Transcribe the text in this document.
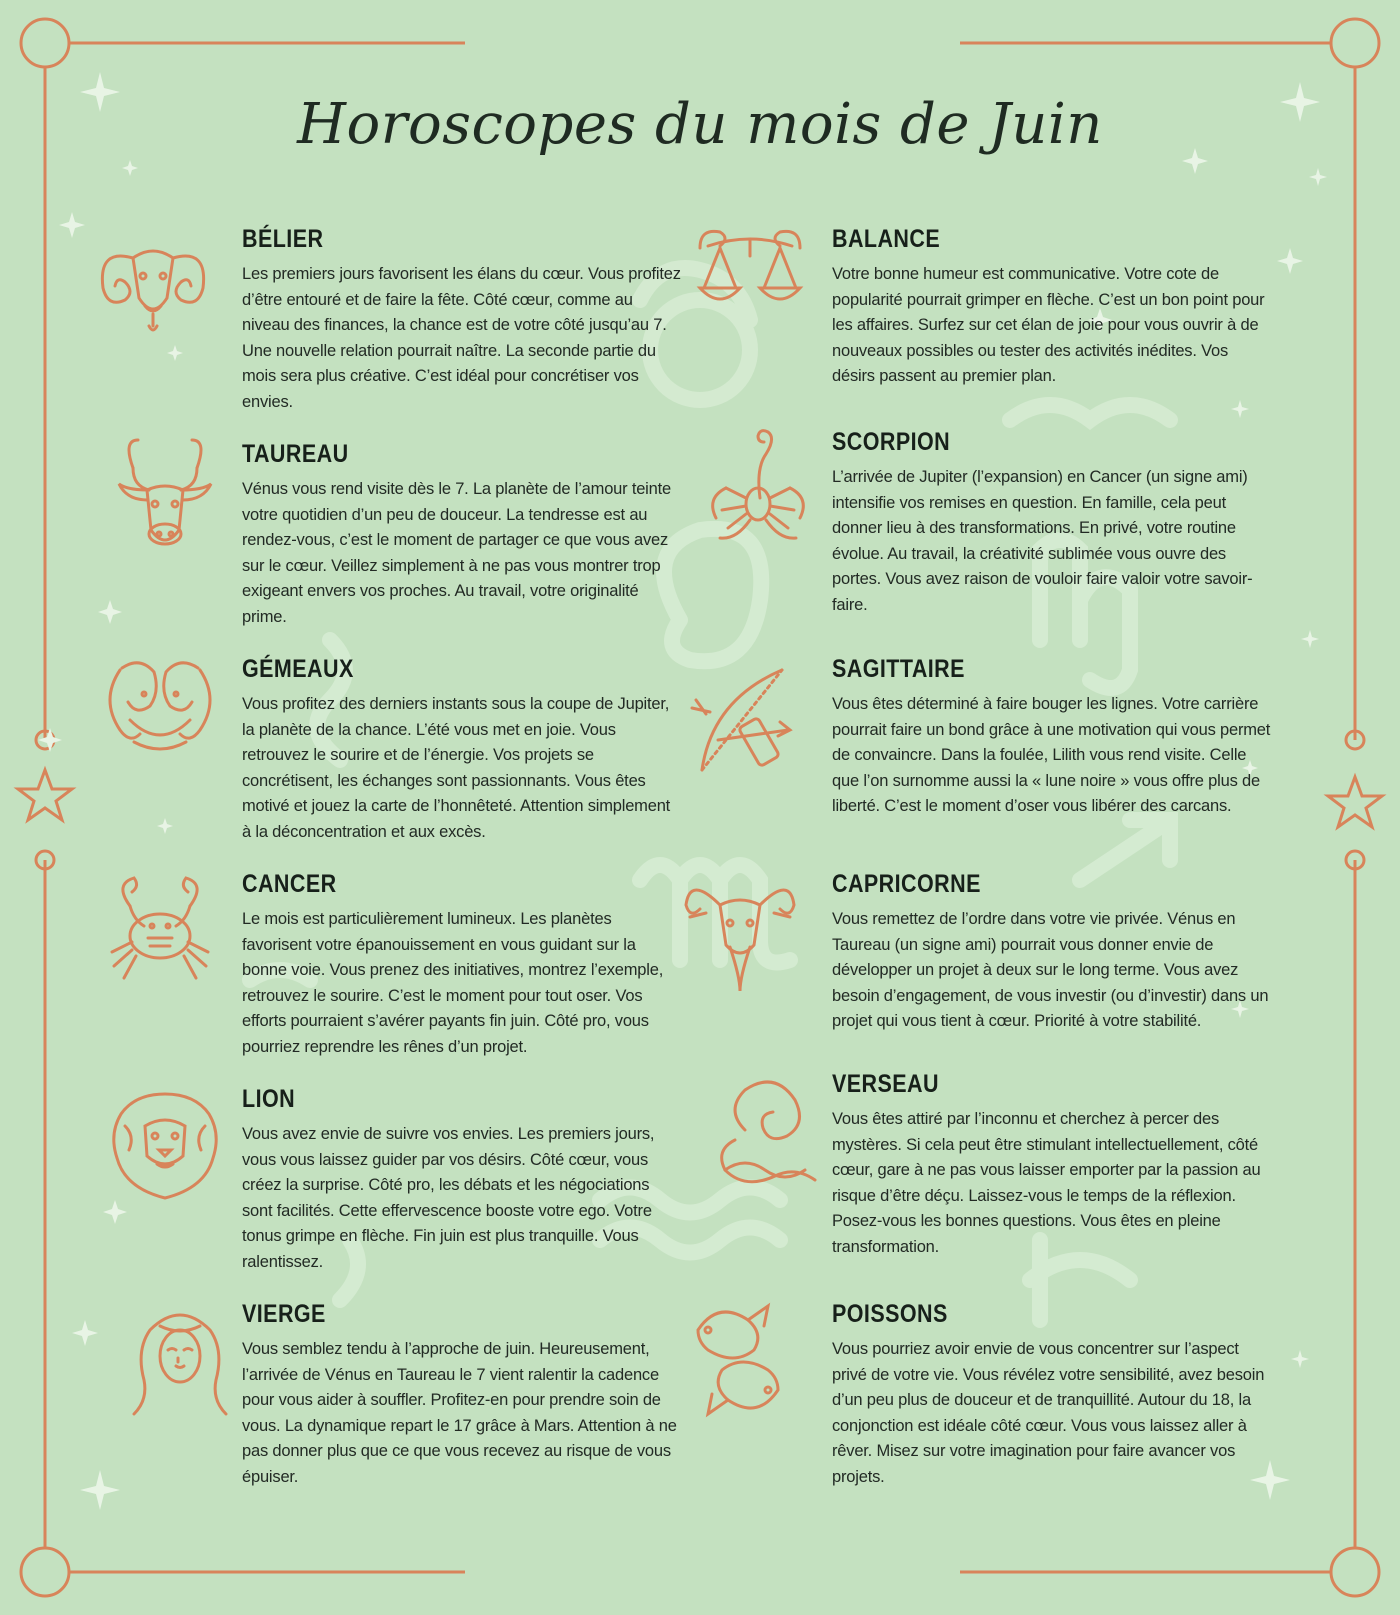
Horoscopes du mois de Juin
BÉLIER

Les premiers jours favorisent les élans du cœur. Vous profitez d’être entouré et de faire la fête. Côté cœur, comme au niveau des finances, la chance est de votre côté jusqu’au 7. Une nouvelle relation pourrait naître. La seconde partie du mois sera plus créative. C’est idéal pour concrétiser vos envies.

TAUREAU

Vénus vous rend visite dès le 7. La planète de l’amour teinte votre quotidien d’un peu de douceur. La tendresse est au rendez-vous, c’est le moment de partager ce que vous avez sur le cœur. Veillez simplement à ne pas vous montrer trop exigeant envers vos proches. Au travail, votre originalité prime.

GÉMEAUX

Vous profitez des derniers instants sous la coupe de Jupiter, la planète de la chance. L’été vous met en joie. Vous retrouvez le sourire et de l’énergie. Vos projets se concrétisent, les échanges sont passionnants. Vous êtes motivé et jouez la carte de l’honnêteté. Attention simplement à la déconcentration et aux excès.

CANCER

Le mois est particulièrement lumineux. Les planètes favorisent votre épanouissement en vous guidant sur la bonne voie. Vous prenez des initiatives, montrez l’exemple, retrouvez le sourire. C’est le moment pour tout oser. Vos efforts pourraient s’avérer payants fin juin. Côté pro, vous pourriez reprendre les rênes d’un projet.

LION

Vous avez envie de suivre vos envies. Les premiers jours, vous vous laissez guider par vos désirs. Côté cœur, vous créez la surprise. Côté pro, les débats et les négociations sont facilités. Cette effervescence booste votre ego. Votre tonus grimpe en flèche. Fin juin est plus tranquille. Vous ralentissez.

VIERGE

Vous semblez tendu à l’approche de juin. Heureusement, l’arrivée de Vénus en Taureau le 7 vient ralentir la cadence pour vous aider à souffler. Profitez-en pour prendre soin de vous. La dynamique repart le 17 grâce à Mars. Attention à ne pas donner plus que ce que vous recevez au risque de vous épuiser.

BALANCE

Votre bonne humeur est communicative. Votre cote de popularité pourrait grimper en flèche. C’est un bon point pour les affaires. Surfez sur cet élan de joie pour vous ouvrir à de nouveaux possibles ou tester des activités inédites. Vos désirs passent au premier plan.

SCORPION

L’arrivée de Jupiter (l’expansion) en Cancer (un signe ami) intensifie vos remises en question. En famille, cela peut donner lieu à des transformations. En privé, votre routine évolue. Au travail, la créativité sublimée vous ouvre des portes. Vous avez raison de vouloir faire valoir votre savoir-faire.

SAGITTAIRE

Vous êtes déterminé à faire bouger les lignes. Votre carrière pourrait faire un bond grâce à une motivation qui vous permet de convaincre. Dans la foulée, Lilith vous rend visite. Celle que l’on surnomme aussi la « lune noire » vous offre plus de liberté. C’est le moment d’oser vous libérer des carcans.

CAPRICORNE

Vous remettez de l’ordre dans votre vie privée. Vénus en Taureau (un signe ami) pourrait vous donner envie de développer un projet à deux sur le long terme. Vous avez besoin d’engagement, de vous investir (ou d’investir) dans un projet qui vous tient à cœur. Priorité à votre stabilité.

VERSEAU

Vous êtes attiré par l’inconnu et cherchez à percer des mystères. Si cela peut être stimulant intellectuellement, côté cœur, gare à ne pas vous laisser emporter par la passion au risque d’être déçu. Laissez-vous le temps de la réflexion. Posez-vous les bonnes questions. Vous êtes en pleine transformation.

POISSONS

Vous pourriez avoir envie de vous concentrer sur l’aspect privé de votre vie. Vous révélez votre sensibilité, avez besoin d’un peu plus de douceur et de tranquillité. Autour du 18, la conjonction est idéale côté cœur. Vous vous laissez aller à rêver. Misez sur votre imagination pour faire avancer vos projets.
